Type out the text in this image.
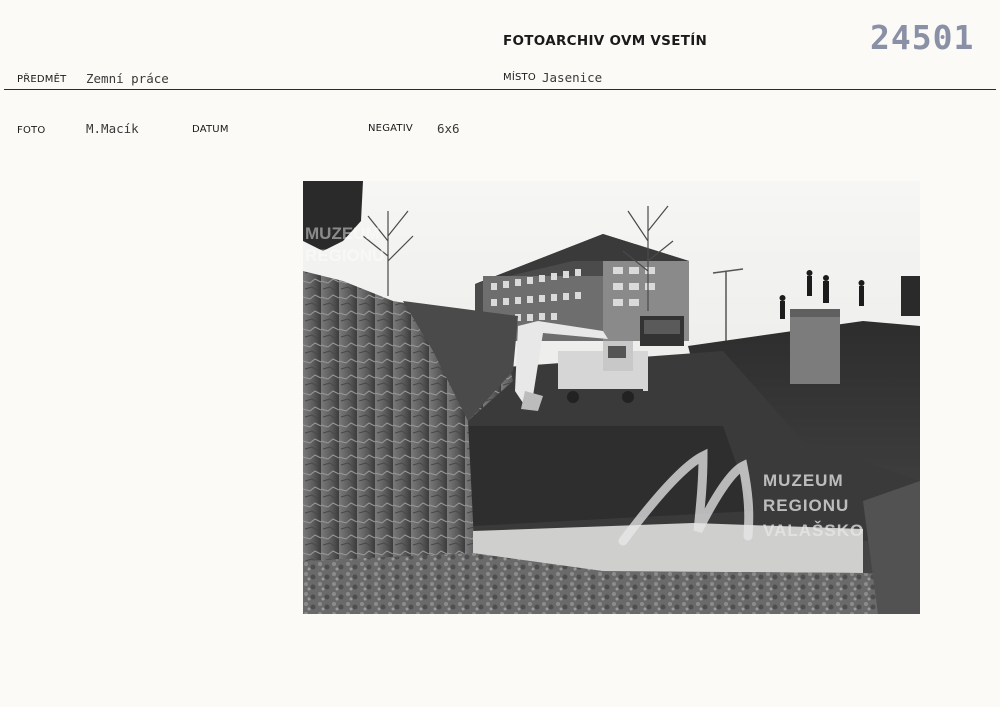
FOTOARCHIV OVM VSETÍN	24501
PŘEDMĚT Zemní práce	MÍSTO Jasenice
FOTO	M.Macík	DATUM	NEGATIV 6x6
MUZEUM
REGIONU
VALAŠSKO
MUZEUM
REGIONU
